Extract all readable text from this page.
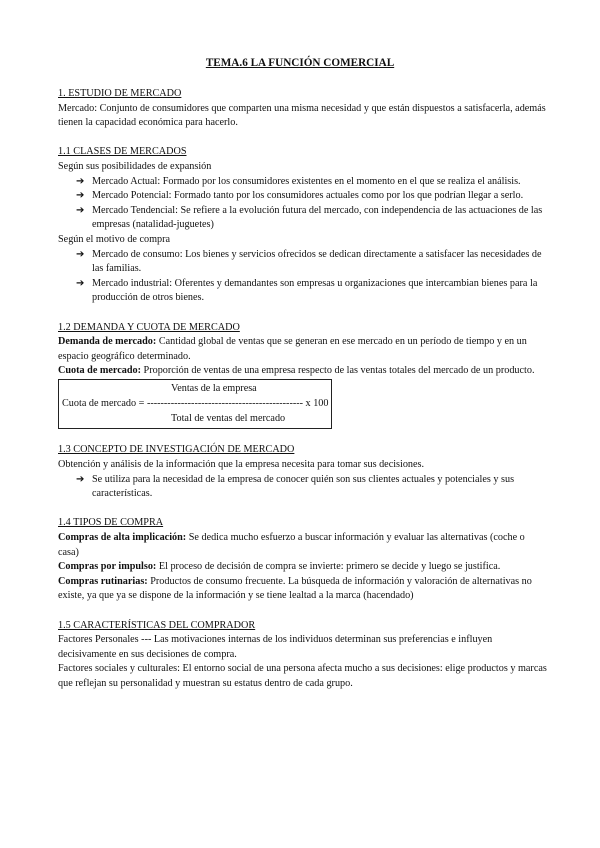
TEMA.6 LA FUNCIÓN COMERCIAL

1. ESTUDIO DE MERCADO

Mercado: Conjunto de consumidores que comparten una misma necesidad y que están dispuestos a satisfacerla, además tienen la capacidad económica para hacerlo.

1.1 CLASES DE MERCADOS

Según sus posibilidades de expansión

➔ Mercado Actual: Formado por los consumidores existentes en el momento en el que se realiza el análisis.
➔ Mercado Potencial: Formado tanto por los consumidores actuales como por los que podrían llegar a serlo.
➔ Mercado Tendencial: Se refiere a la evolución futura del mercado, con independencia de las actuaciones de las empresas (natalidad-juguetes)

Según el motivo de compra

➔ Mercado de consumo: Los bienes y servicios ofrecidos se dedican directamente a satisfacer las necesidades de las familias.
➔ Mercado industrial: Oferentes y demandantes son empresas u organizaciones que intercambian bienes para la producción de otros bienes.

1.2 DEMANDA Y CUOTA DE MERCADO

Demanda de mercado: Cantidad global de ventas que se generan en ese mercado en un período de tiempo y en un espacio geográfico determinado.

Cuota de mercado: Proporción de ventas de una empresa respecto de las ventas totales del mercado de un producto.

Ventas de la empresa
Cuota de mercado = ---------------------------------------------- x 100
Total de ventas del mercado

1.3 CONCEPTO DE INVESTIGACIÓN DE MERCADO

Obtención y análisis de la información que la empresa necesita para tomar sus decisiones.

➔ Se utiliza para la necesidad de la empresa de conocer quién son sus clientes actuales y potenciales y sus características.

1.4 TIPOS DE COMPRA

Compras de alta implicación: Se dedica mucho esfuerzo a buscar información y evaluar las alternativas (coche o casa)

Compras por impulso: El proceso de decisión de compra se invierte: primero se decide y luego se justifica.

Compras rutinarias: Productos de consumo frecuente. La búsqueda de información y valoración de alternativas no existe, ya que ya se dispone de la información y se tiene lealtad a la marca (hacendado)

1.5 CARACTERÍSTICAS DEL COMPRADOR

Factores Personales --- Las motivaciones internas de los individuos determinan sus preferencias e influyen decisivamente en sus decisiones de compra.

Factores sociales y culturales: El entorno social de una persona afecta mucho a sus decisiones: elige productos y marcas que reflejan su personalidad y muestran su estatus dentro de cada grupo.
